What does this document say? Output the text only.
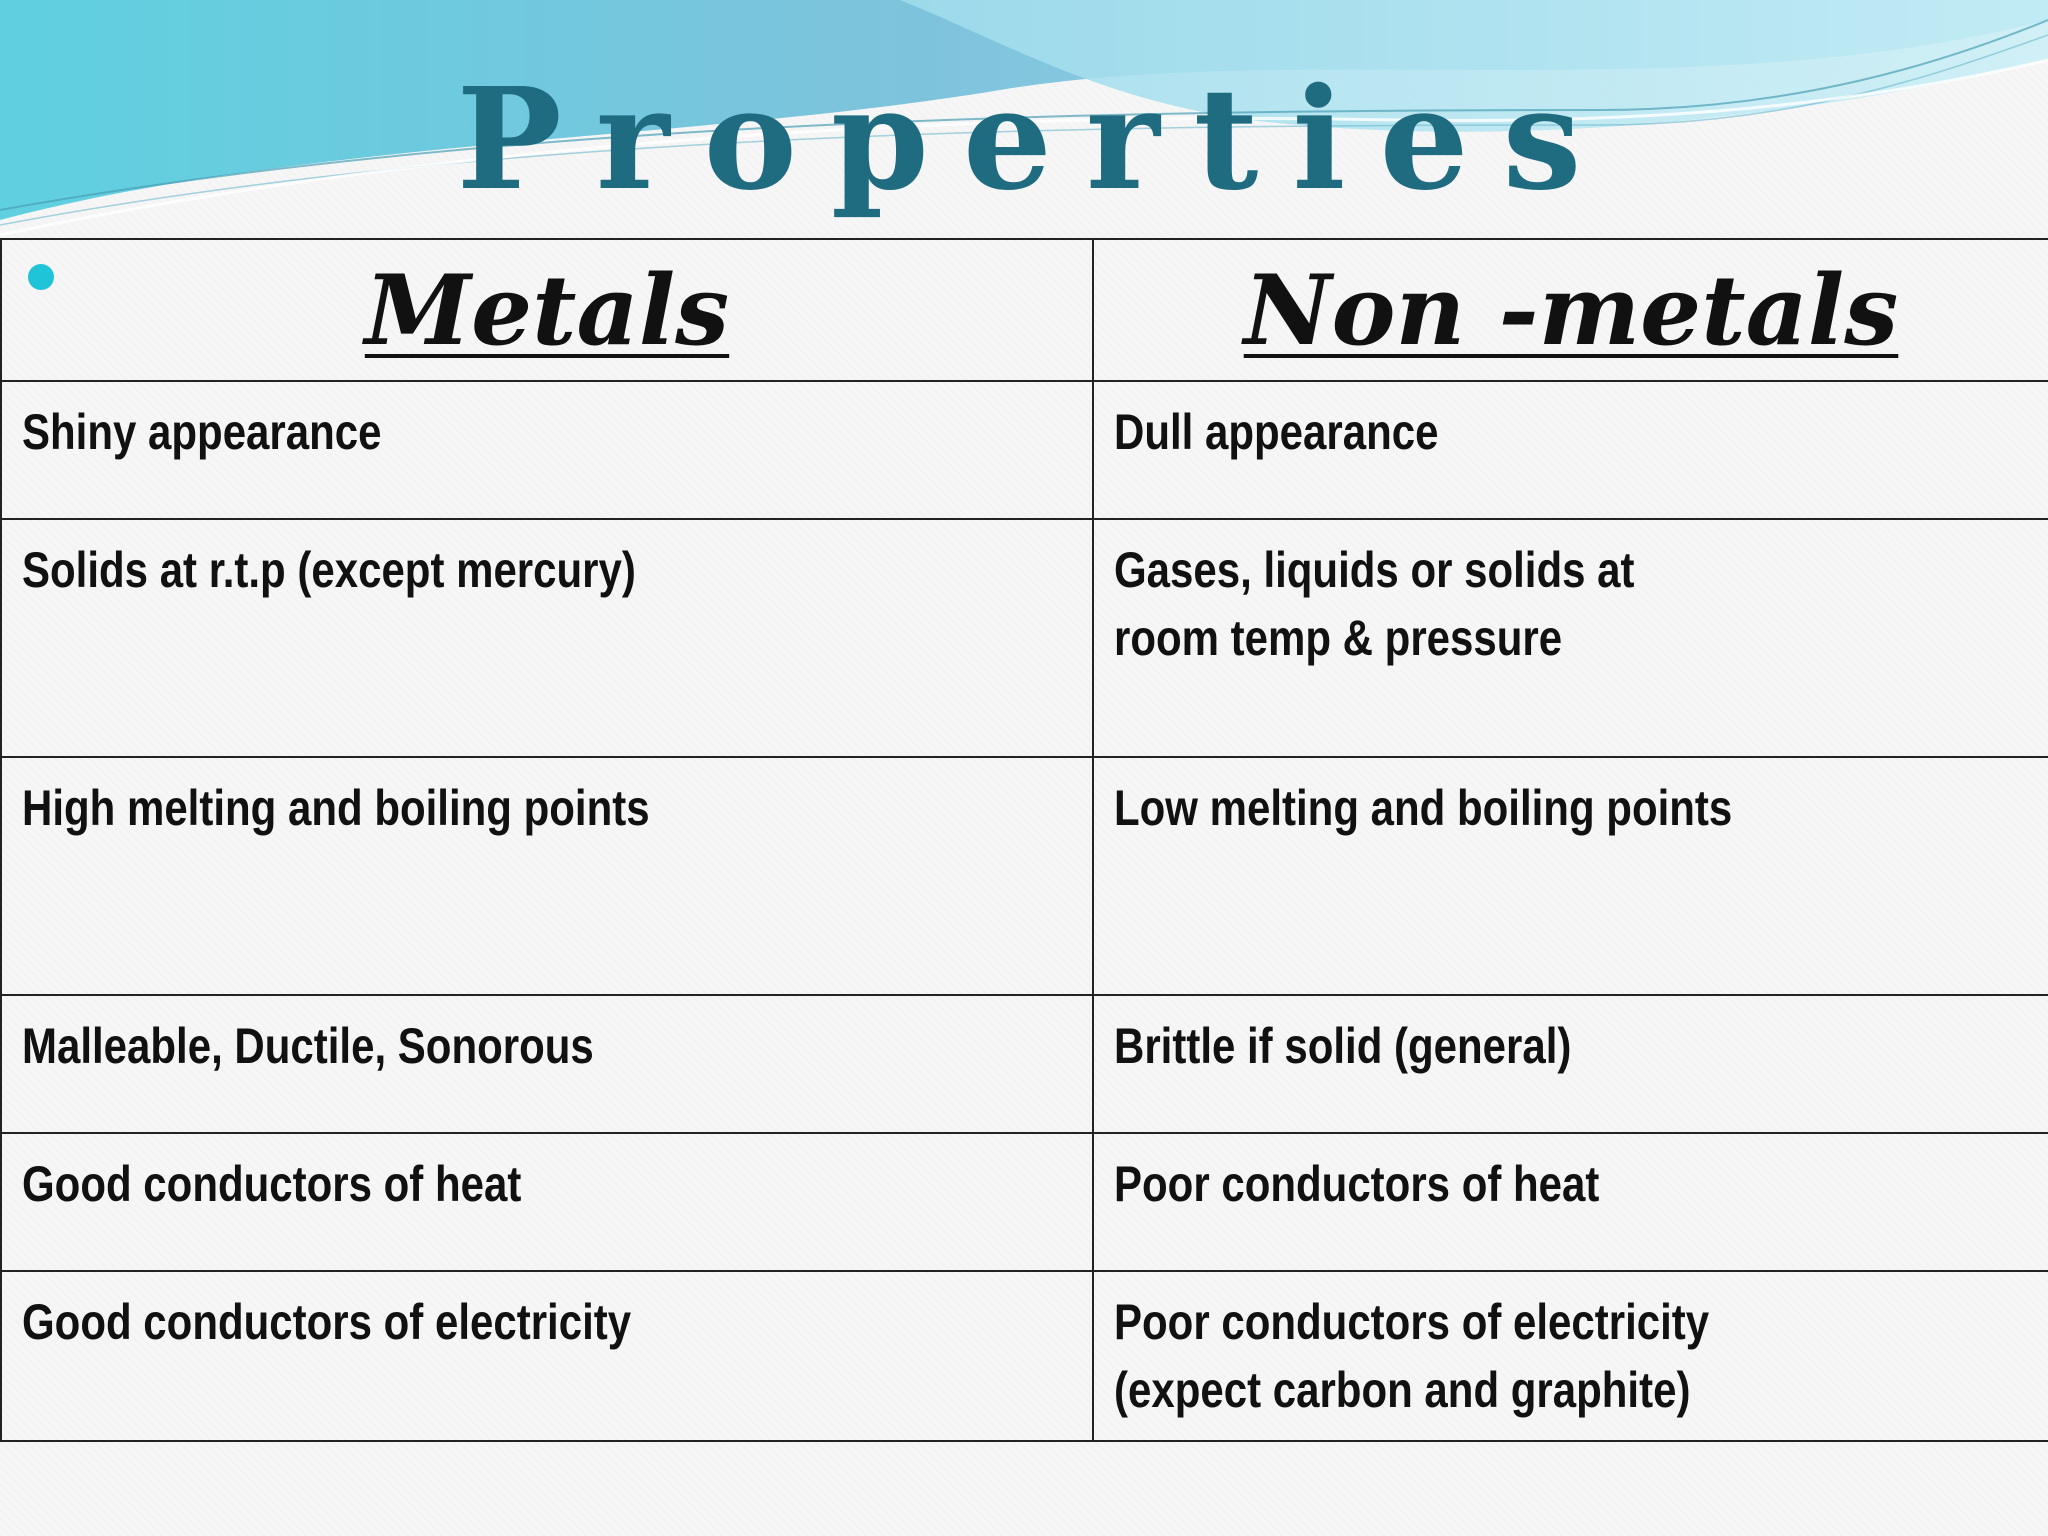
Properties
Metals	Non -metals
Shiny appearance	Dull appearance
Solids at r.t.p (except mercury)	Gases, liquids or solids at
room temp & pressure
High melting and boiling points	Low melting and boiling points
Malleable, Ductile, Sonorous	Brittle if solid (general)
Good conductors of heat	Poor conductors of heat
Good conductors of electricity	Poor conductors of electricity
(expect carbon and graphite)
